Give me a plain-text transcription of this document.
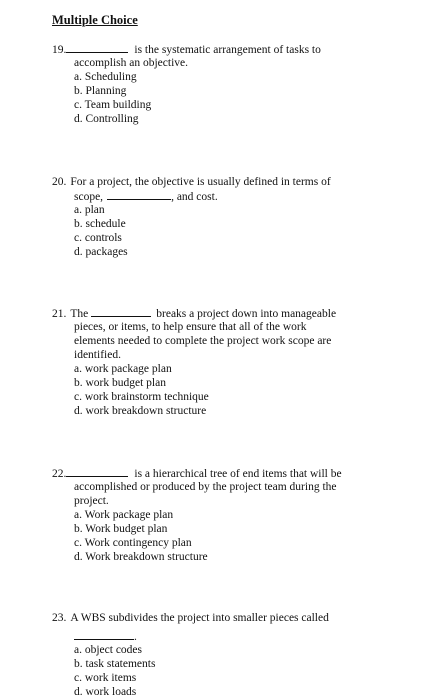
Multiple Choice
19.	is the systematic arrangement of tasks to
accomplish an objective.
a. Scheduling
b. Planning
c. Team building
d. Controlling
20. For a project, the objective is usually defined in terms of
scope,	, and cost.
a. plan
b. schedule
c. controls
d. packages
21. The	breaks a project down into manageable
pieces, or items, to help ensure that all of the work
elements needed to complete the project work scope are
identified.
a. work package plan
b. work budget plan
c. work brainstorm technique
d. work breakdown structure
22.	is a hierarchical tree of end items that will be
accomplished or produced by the project team during the
project.
a. Work package plan
b. Work budget plan
c. Work contingency plan
d. Work breakdown structure
23. A WBS subdivides the project into smaller pieces called
.
a. object codes
b. task statements
c. work items
d. work loads
